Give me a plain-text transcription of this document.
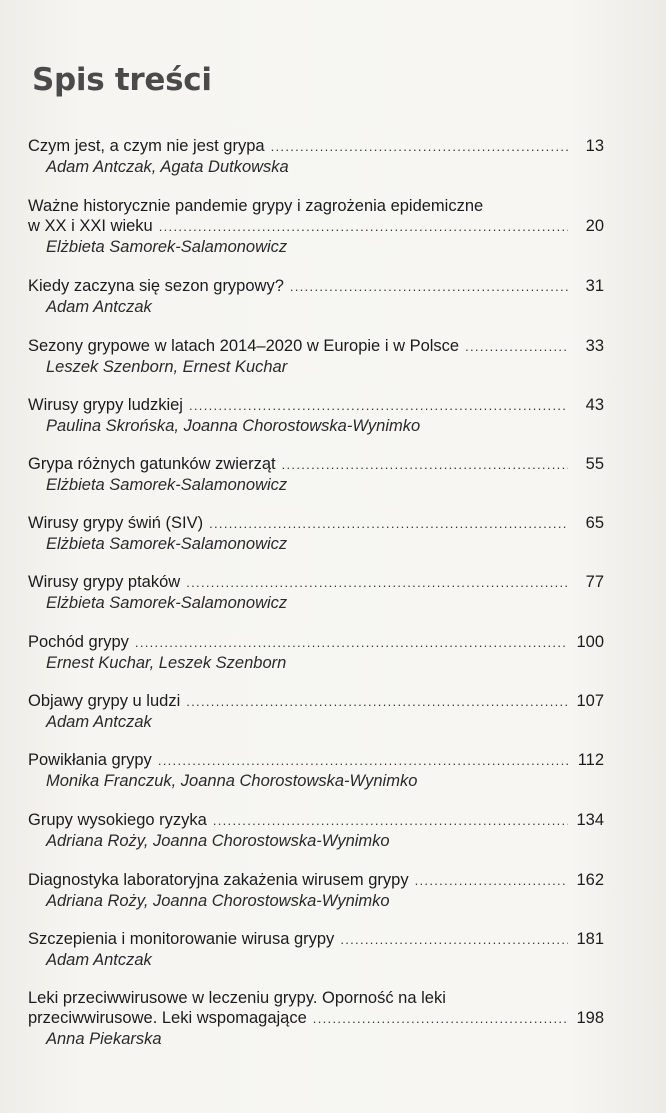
Spis treści
Czym jest, a czym nie jest grypa .....	13
Adam Antczak, Agata Dutkowska
Ważne historycznie pandemie grypy i zagrożenia epidemiczne
w XX i XXI wieku .....	20
Elżbieta Samorek-Salamonowicz
Kiedy zaczyna się sezon grypowy? .....	31
Adam Antczak
Sezony grypowe w latach 2014–2020 w Europie i w Polsce .....	33
Leszek Szenborn, Ernest Kuchar
Wirusy grypy ludzkiej .....	43
Paulina Skrońska, Joanna Chorostowska-Wynimko
Grypa różnych gatunków zwierząt .....	55
Elżbieta Samorek-Salamonowicz
Wirusy grypy świń (SIV) .....	65
Elżbieta Samorek-Salamonowicz
Wirusy grypy ptaków .....	77
Elżbieta Samorek-Salamonowicz
Pochód grypy .....	100
Ernest Kuchar, Leszek Szenborn
Objawy grypy u ludzi .....	107
Adam Antczak
Powikłania grypy .....	112
Monika Franczuk, Joanna Chorostowska-Wynimko
Grupy wysokiego ryzyka .....	134
Adriana Roży, Joanna Chorostowska-Wynimko
Diagnostyka laboratoryjna zakażenia wirusem grypy .....	162
Adriana Roży, Joanna Chorostowska-Wynimko
Szczepienia i monitorowanie wirusa grypy .....	181
Adam Antczak
Leki przeciwwirusowe w leczeniu grypy. Oporność na leki
przeciwwirusowe. Leki wspomagające .....	198
Anna Piekarska
